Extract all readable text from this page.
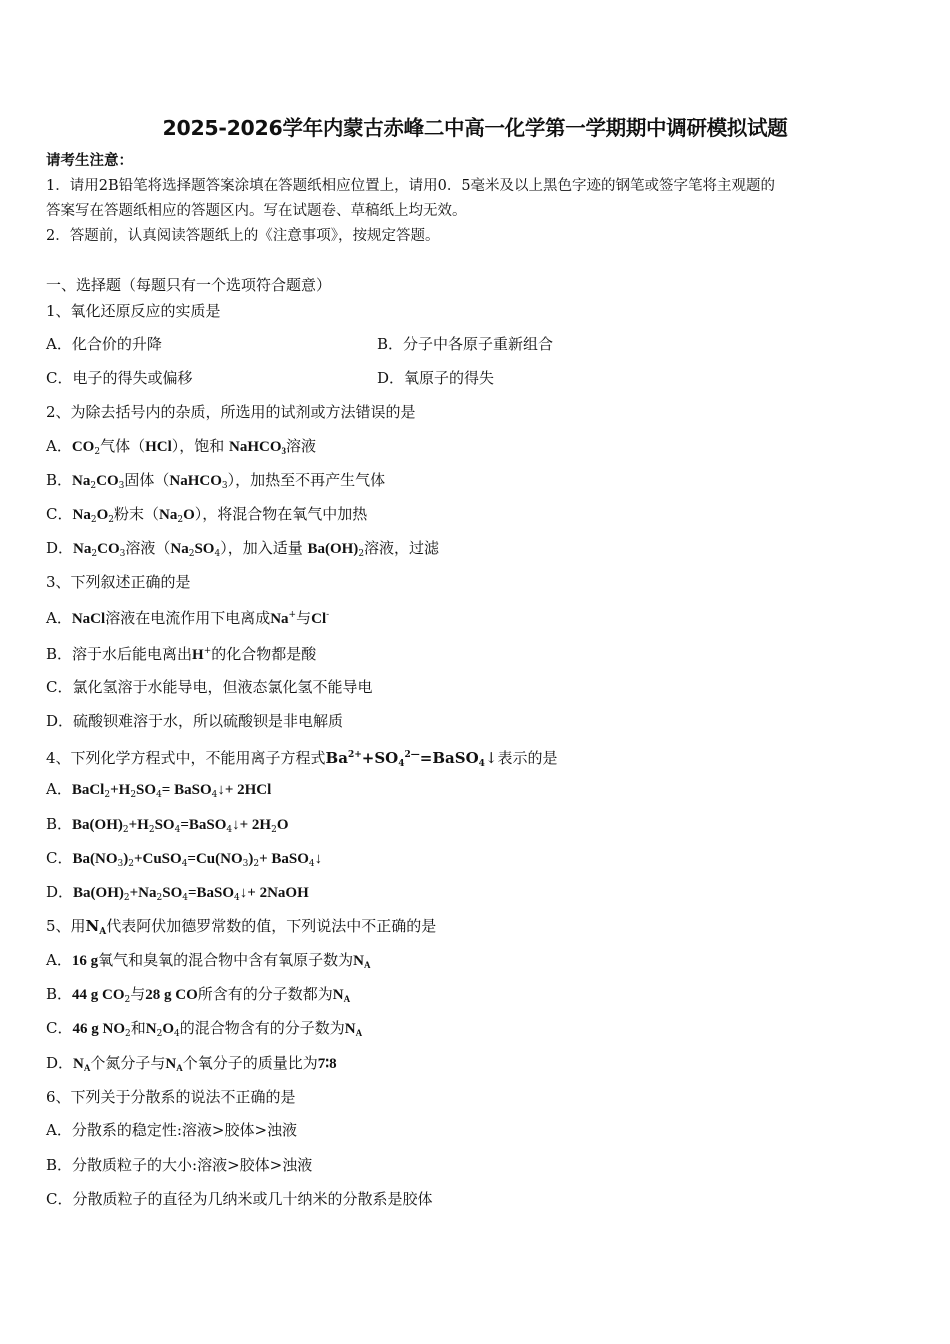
2025-2026学年内蒙古赤峰二中高一化学第一学期期中调研模拟试题
请考生注意：
1．请用2B铅笔将选择题答案涂填在答题纸相应位置上，请用0．5毫米及以上黑色字迹的钢笔或签字笔将主观题的
答案写在答题纸相应的答题区内。写在试题卷、草稿纸上均无效。
2．答题前，认真阅读答题纸上的《注意事项》，按规定答题。
一、选择题（每题只有一个选项符合题意）
1、氧化还原反应的实质是
A．化合价的升降	B．分子中各原子重新组合
C．电子的得失或偏移	D．氧原子的得失
2、为除去括号内的杂质，所选用的试剂或方法错误的是
A．$CO_2$气体（HCl），饱和 NaHCO$_3$溶液
B．$Na_2CO_3$固体（NaHCO$_3$），加热至不再产生气体
C．$Na_2O_2$粉末$(Na_2O)$，将混合物在氧气中加热
D．$Na_2CO_3$溶液$(Na_2SO_4)$，加入适量 $Ba(OH)_2$溶液，过滤
3、下列叙述正确的是
A．NaCl溶液在电流作用下电离成Na+与Cl-
B．溶于水后能电离出H+的化合物都是酸
C．氯化氢溶于水能导电，但液态氯化氢不能导电
D．硫酸钡难溶于水，所以硫酸钡是非电解质
4、下列化学方程式中，不能用离子方程式$Ba^{2+}+SO_4^{2—}=BaSO_4↓$表示的是
A．$BaCl_2+H_2SO_4=$ BaSO$_4$↓+ 2HCl
B．$Ba(OH)_2+H_2SO_4=BaSO_4↓+ 2H_2O$
C．$Ba(NO_3)_2+CuSO_4=Cu(NO_3)_2+$ BaSO$_4$↓
D．$Ba(OH)_2+Na_2SO_4=BaSO_4↓+$ 2NaOH
5、用$N_A$代表阿伏加德罗常数的值，下列说法中不正确的是
A．16 g氧气和臭氧的混合物中含有氧原子数为$N_A$
B．44 g $CO_2$与28 g CO所含有的分子数都为$N_A$
C．46 g $NO_2$和$N_2O_4$的混合物含有的分子数为$N_A$
D．$N_A$个氮分子与$N_A$个氧分子的质量比为7∶8
6、下列关于分散系的说法不正确的是
A．分散系的稳定性:溶液>胶体>浊液
B．分散质粒子的大小:溶液>胶体>浊液
C．分散质粒子的直径为几纳米或几十纳米的分散系是胶体
